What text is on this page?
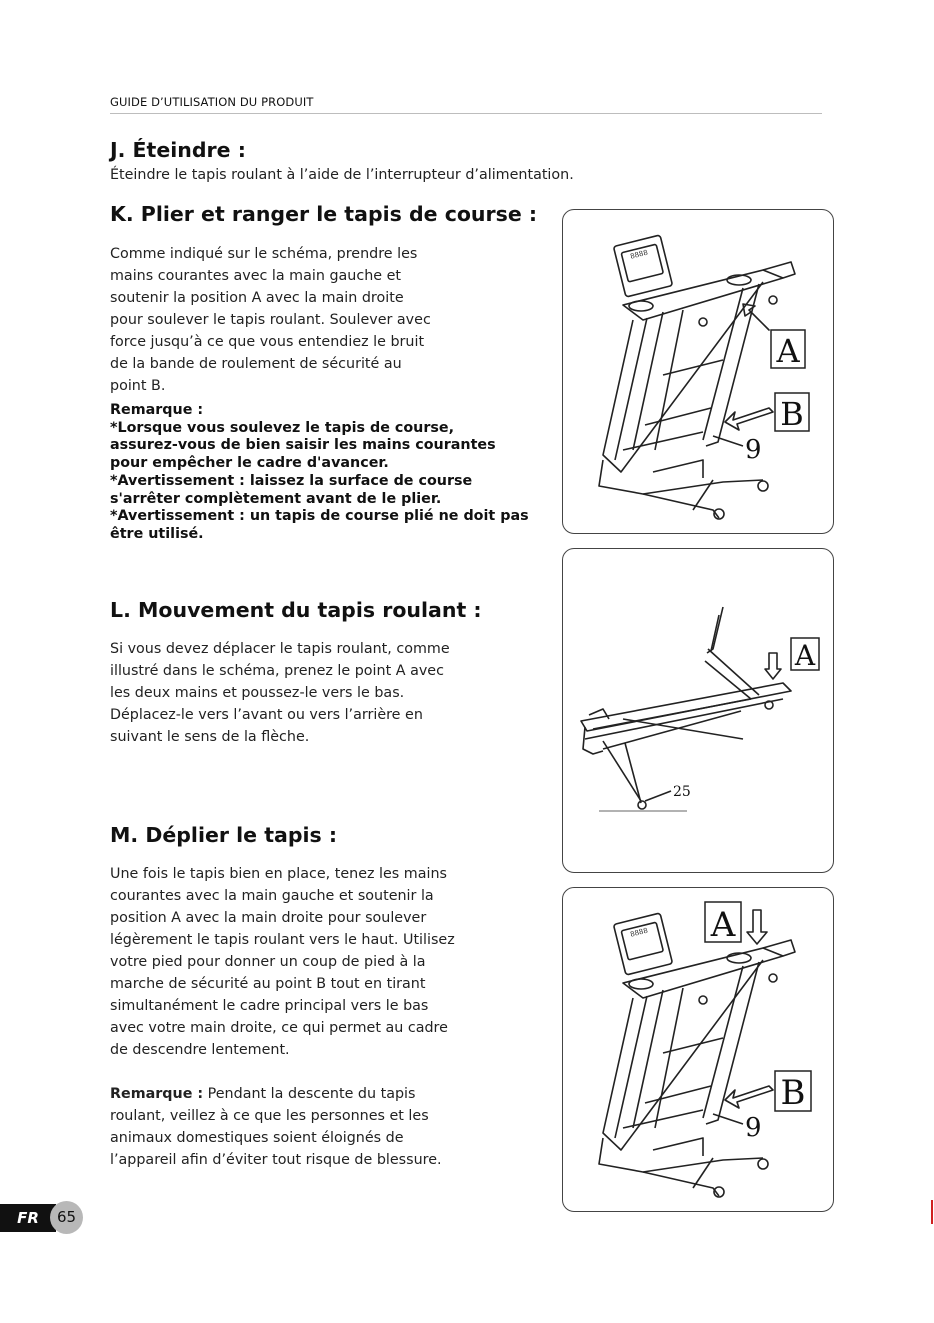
GUIDE D’UTILISATION DU PRODUIT
J. Éteindre :

Éteindre le tapis roulant à l’aide de l’interrupteur d’alimentation.

K. Plier et ranger le tapis de course :
Comme indiqué sur le schéma, prendre les
mains courantes avec la main gauche et
soutenir la position A avec la main droite
pour soulever le tapis roulant. Soulever avec
force jusqu’à ce que vous entendiez le bruit
de la bande de roulement de sécurité au
point B.
Remarque :
*Lorsque vous soulevez le tapis de course,
assurez-vous de bien saisir les mains courantes
pour empêcher le cadre d'avancer.
*Avertissement : laissez la surface de course
s'arrêter complètement avant de le plier.
*Avertissement : un tapis de course plié ne doit pas
être utilisé.
L. Mouvement du tapis roulant :
Si vous devez déplacer le tapis roulant, comme
illustré dans le schéma, prenez le point A avec
les deux mains et poussez-le vers le bas.
Déplacez-le vers l’avant ou vers l’arrière en
suivant le sens de la flèche.
M. Déplier le tapis :
Une fois le tapis bien en place, tenez les mains
courantes avec la main gauche et soutenir la
position A avec la main droite pour soulever
légèrement le tapis roulant vers le haut. Utilisez
votre pied pour donner un coup de pied à la
marche de sécurité au point B tout en tirant
simultanément le cadre principal vers le bas
avec votre main droite, ce qui permet au cadre
de descendre lentement.
Remarque : Pendant la descente du tapis
roulant, veillez à ce que les personnes et les
animaux domestiques soient éloignés de
l’appareil afin d’éviter tout risque de blessure.
8888
A
B
9
A
25
8888 A
B
9
FR	65
